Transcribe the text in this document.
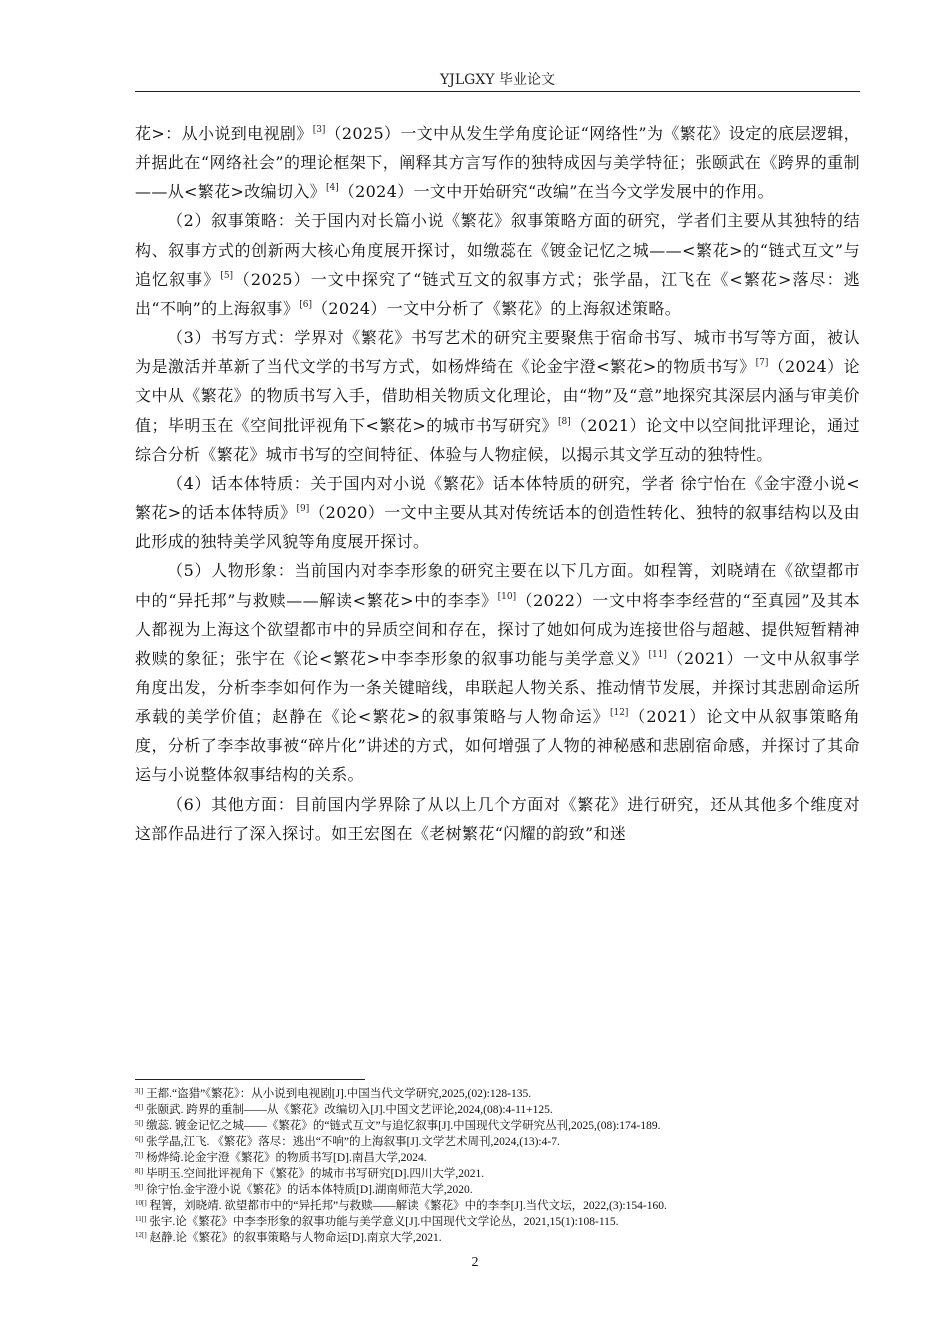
YJLGXY 毕业论文

花>：从小说到电视剧》[3]（2025）一文中从发生学角度论证“网络性”为《繁花》设定的底层逻辑，并据此在“网络社会”的理论框架下，阐释其方言写作的独特成因与美学特征；张颐武在《跨界的重制——从<繁花>改编切入》[4]（2024）一文中开始研究“改编”在当今文学发展中的作用。

（2）叙事策略：关于国内对长篇小说《繁花》叙事策略方面的研究，学者们主要从其独特的结构、叙事方式的创新两大核心角度展开探讨，如缴蕊在《镀金记忆之城——<繁花>的“链式互文”与追忆叙事》[5]（2025）一文中探究了“链式互文的叙事方式；张学晶，江飞在《<繁花>落尽：逃出“不响”的上海叙事》[6]（2024）一文中分析了《繁花》的上海叙述策略。

（3）书写方式：学界对《繁花》书写艺术的研究主要聚焦于宿命书写、城市书写等方面，被认为是激活并革新了当代文学的书写方式，如杨烨绮在《论金宇澄<繁花>的物质书写》[7]（2024）论文中从《繁花》的物质书写入手，借助相关物质文化理论，由“物”及“意”地探究其深层内涵与审美价值；毕明玉在《空间批评视角下<繁花>的城市书写研究》[8]（2021）论文中以空间批评理论，通过综合分析《繁花》城市书写的空间特征、体验与人物症候，以揭示其文学互动的独特性。

（4）话本体特质：关于国内对小说《繁花》话本体特质的研究，学者 徐宁怡在《金宇澄小说<繁花>的话本体特质》[9]（2020）一文中主要从其对传统话本的创造性转化、独特的叙事结构以及由此形成的独特美学风貌等角度展开探讨。

（5）人物形象：当前国内对李李形象的研究主要在以下几方面。如程箐，刘晓靖在《欲望都市中的“异托邦”与救赎——解读<繁花>中的李李》[10]（2022）一文中将李李经营的“至真园”及其本人都视为上海这个欲望都市中的异质空间和存在，探讨了她如何成为连接世俗与超越、提供短暂精神救赎的象征；张宇在《论<繁花>中李李形象的叙事功能与美学意义》[11]（2021）一文中从叙事学角度出发，分析李李如何作为一条关键暗线，串联起人物关系、推动情节发展，并探讨其悲剧命运所承载的美学价值；赵静在《论<繁花>的叙事策略与人物命运》[12]（2021）论文中从叙事策略角度，分析了李李故事被“碎片化”讲述的方式，如何增强了人物的神秘感和悲剧宿命感，并探讨了其命运与小说整体叙事结构的关系。

（6）其他方面：目前国内学界除了从以上几个方面对《繁花》进行研究，还从其他多个维度对这部作品进行了深入探讨。如王宏图在《老树繁花“闪耀的韵致”和迷

$^{3[]}$ 王都.“盗猎”《繁花》：从小说到电视剧[J].中国当代文学研究,2025,(02):128-135.
$^{4[]}$ 张颐武. 跨界的重制——从《繁花》改编切入[J].中国文艺评论,2024,(08):4-11+125.
$^{5[]}$ 缴蕊. 镀金记忆之城——《繁花》的“链式互文”与追忆叙事[J].中国现代文学研究丛刊,2025,(08):174-189.
$^{6[]}$ 张学晶,江飞. 《繁花》落尽：逃出“不响”的上海叙事[J].文学艺术周刊,2024,(13):4-7.
$^{7[]}$ 杨烨绮.论金宇澄《繁花》的物质书写[D].南昌大学,2024.
$^{8[]}$ 毕明玉.空间批评视角下《繁花》的城市书写研究[D].四川大学,2021.
$^{9[]}$ 徐宁怡.金宇澄小说《繁花》的话本体特质[D].湖南师范大学,2020.
$^{10[]}$ 程箐，刘晓靖. 欲望都市中的“异托邦”与救赎——解读《繁花》中的李李[J].当代文坛，2022,(3):154-160.
$^{11[]}$ 张宇.论《繁花》中李李形象的叙事功能与美学意义[J].中国现代文学论丛，2021,15(1):108-115.
$^{12[]}$ 赵静.论《繁花》的叙事策略与人物命运[D].南京大学,2021.
2
